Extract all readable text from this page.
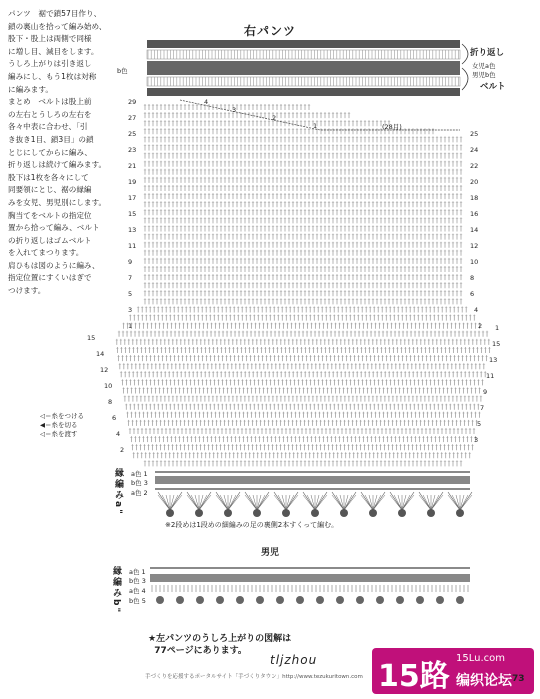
パンツ　裾で鎖57目作り、
鎖の裏山を拾って編み始め、
股下・股上は両側で同様
に増し目、減目をします。
うしろ上がりは引き返し
編みにし、もう1枚は対称
に編みます。
まとめ　ベルトは股上前
の左右とうしろの左右を
各々中表に合わせ、「引
き抜き1目、鎖3目」の鎖
とじにしてからに編み、
折り返しは続けて編みます。
股下は1枚を各々にして
同要領にとじ、裾の縁編
みを女児、男児別にします。
胸当てをベルトの指定位
置から拾って編み、ベルト
の折り返しはゴムベルト
を入れてまつります。
肩ひもは図のように編み、
指定位置にすくいはぎで
つけます。
◁＝糸をつける
◀＝糸を切る
◁＝糸を渡す
右パンツ
29
27
25
23
21
19
17
15
13
11
9
7
5
3
1
15
14
12
10
8
6
4
2
25
24
22
20
18
16
14
12
10
8
6
4
2 1
15
13
11
9
7
5
3
折り返し
女児a色
男児b色
ベルト
b色
4
3
2
1	(28目)
縁編みa"
a色 1
b色 3
a色 2
※2段めは1段めの細編みの足の裏側2本すくって編む。
男児
縁編みb"
a色 1
b色 3
a色 4
b色 5
★左パンツのうしろ上がりの図解は
77ページにあります。
tljzhou
手づくりを応援するポータルサイト「手づくりタウン」http://www.tezukuritown.com 15路
15Lu.com
编织论坛 73
